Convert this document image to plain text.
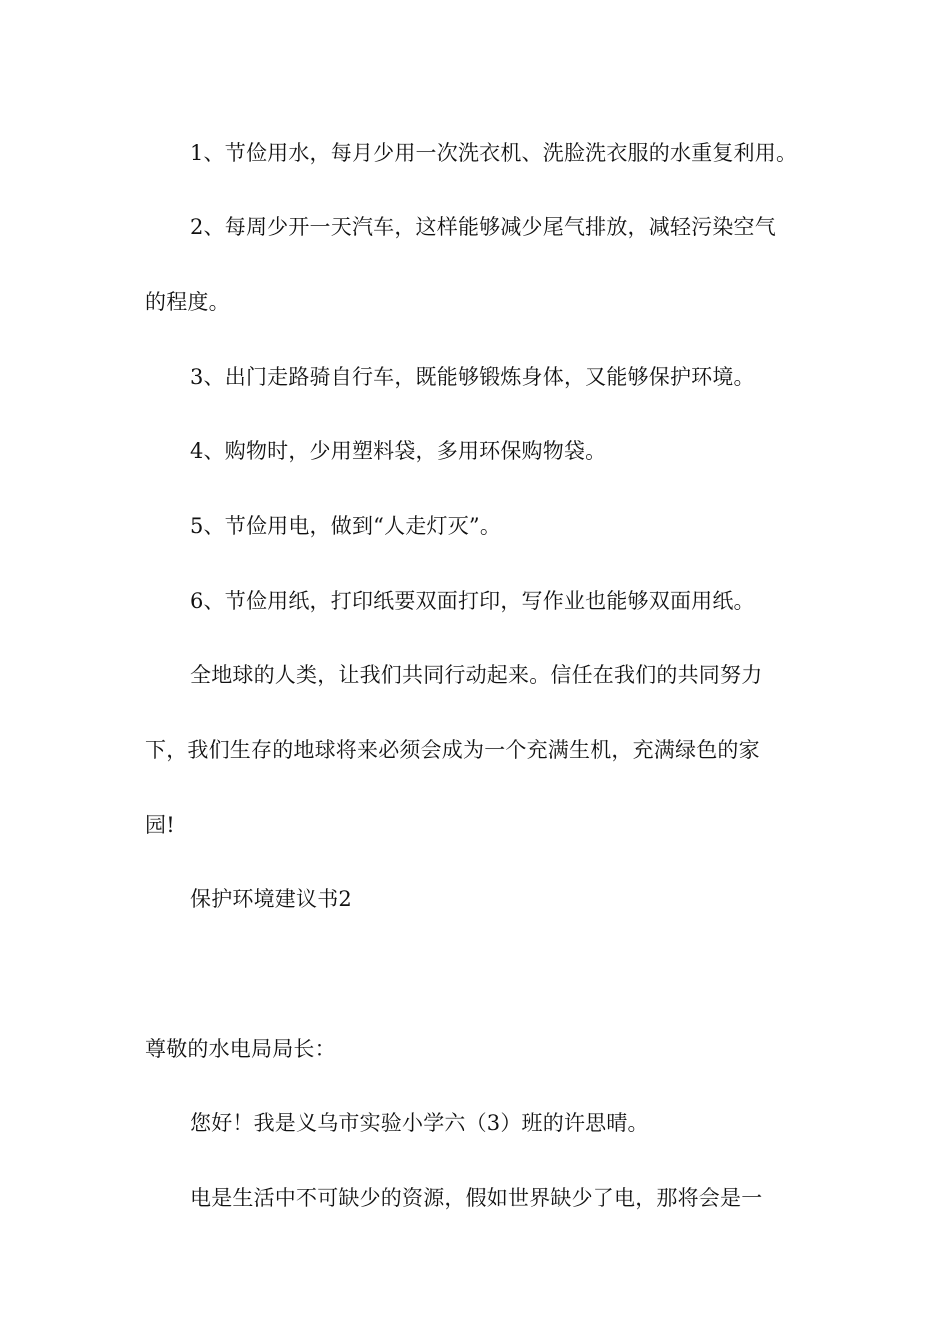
1、节俭用水，每月少用一次洗衣机、洗脸洗衣服的水重复利用。
2、每周少开一天汽车，这样能够减少尾气排放，减轻污染空气
的程度。
3、出门走路骑自行车，既能够锻炼身体，又能够保护环境。
4、购物时，少用塑料袋，多用环保购物袋。
5、节俭用电，做到“人走灯灭”。
6、节俭用纸，打印纸要双面打印，写作业也能够双面用纸。
全地球的人类，让我们共同行动起来。信任在我们的共同努力
下，我们生存的地球将来必须会成为一个充满生机，充满绿色的家
园!
保护环境建议书2
尊敬的水电局局长：
您好！我是义乌市实验小学六（3）班的许思晴。
电是生活中不可缺少的资源，假如世界缺少了电，那将会是一
